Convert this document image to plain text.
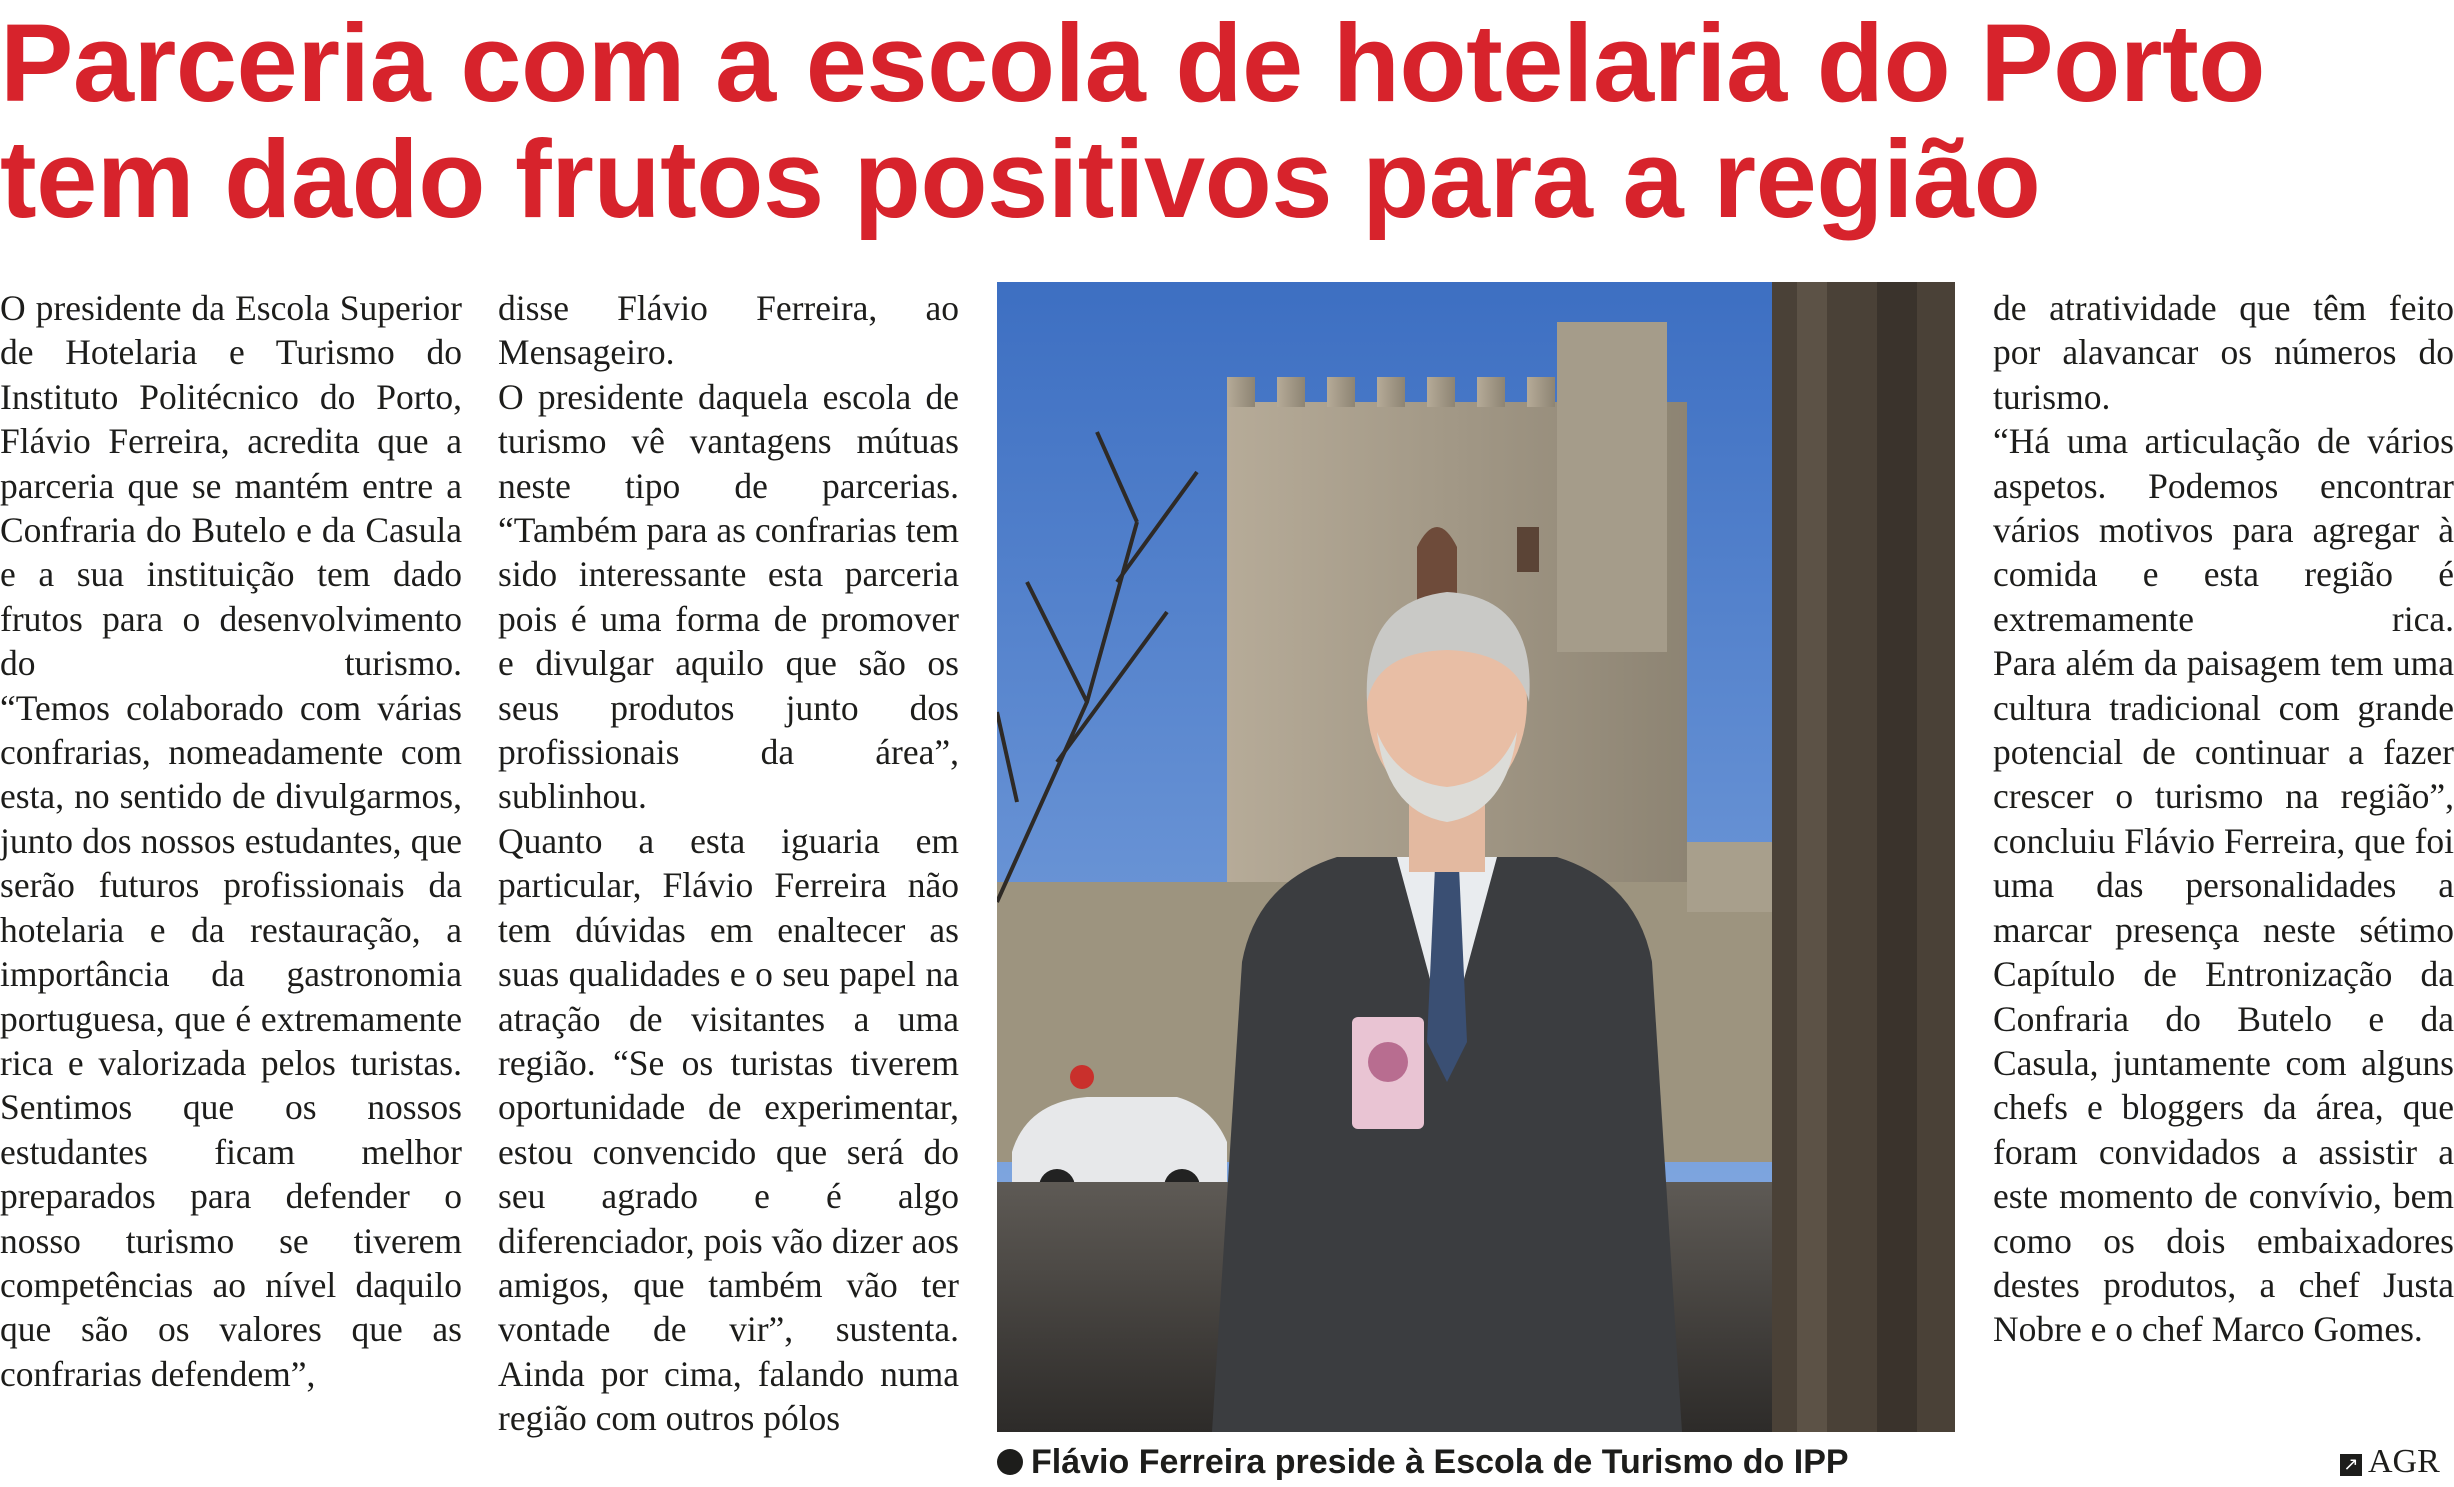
Parceria com a escola de hotelaria do Porto
tem dado frutos positivos para a região

O presidente da Escola Superior de Hotelaria e Turismo do Instituto Politécnico do Porto, Flávio Ferreira, acredita que a parceria que se mantém entre a Confraria do Butelo e da Casula e a sua instituição tem dado frutos para o desenvolvimento do turismo.

“Temos colaborado com várias confrarias, nomeadamente com esta, no sentido de divulgarmos, junto dos nossos estudantes, que serão futuros profissionais da hotelaria e da restauração, a importância da gastronomia portuguesa, que é extremamente rica e valorizada pelos turistas. Sentimos que os nossos estudantes ficam melhor preparados para defender o nosso turismo se tiverem competências ao nível daquilo que são os valores que as confrarias defendem”,

disse Flávio Ferreira, ao Mensageiro.

O presidente daquela escola de turismo vê vantagens mútuas neste tipo de parcerias. “Também para as confrarias tem sido interessante esta parceria pois é uma forma de promover e divulgar aquilo que são os seus produtos junto dos profissionais da área”, sublinhou.

Quanto a esta iguaria em particular, Flávio Ferreira não tem dúvidas em enaltecer as suas qualidades e o seu papel na atração de visitantes a uma região. “Se os turistas tiverem oportunidade de experimentar, estou convencido que será do seu agrado e é algo diferenciador, pois vão dizer aos amigos, que também vão ter vontade de vir”, sustenta.

Ainda por cima, falando numa região com outros pólos

Flávio Ferreira preside à Escola de Turismo do IPP

de atratividade que têm feito por alavancar os números do turismo.

“Há uma articulação de vários aspetos. Podemos encontrar vários motivos para agregar à comida e esta região é extremamente rica.

Para além da paisagem tem uma cultura tradicional com grande potencial de continuar a fazer crescer o turismo na região”, concluiu Flávio Ferreira, que foi uma das personalidades a marcar presença neste sétimo Capítulo de Entronização da Confraria do Butelo e da Casula, juntamente com alguns chefs e bloggers da área, que foram convidados a assistir a este momento de convívio, bem como os dois embaixadores destes produtos, a chef Justa Nobre e o chef Marco Gomes.

↗ AGR
